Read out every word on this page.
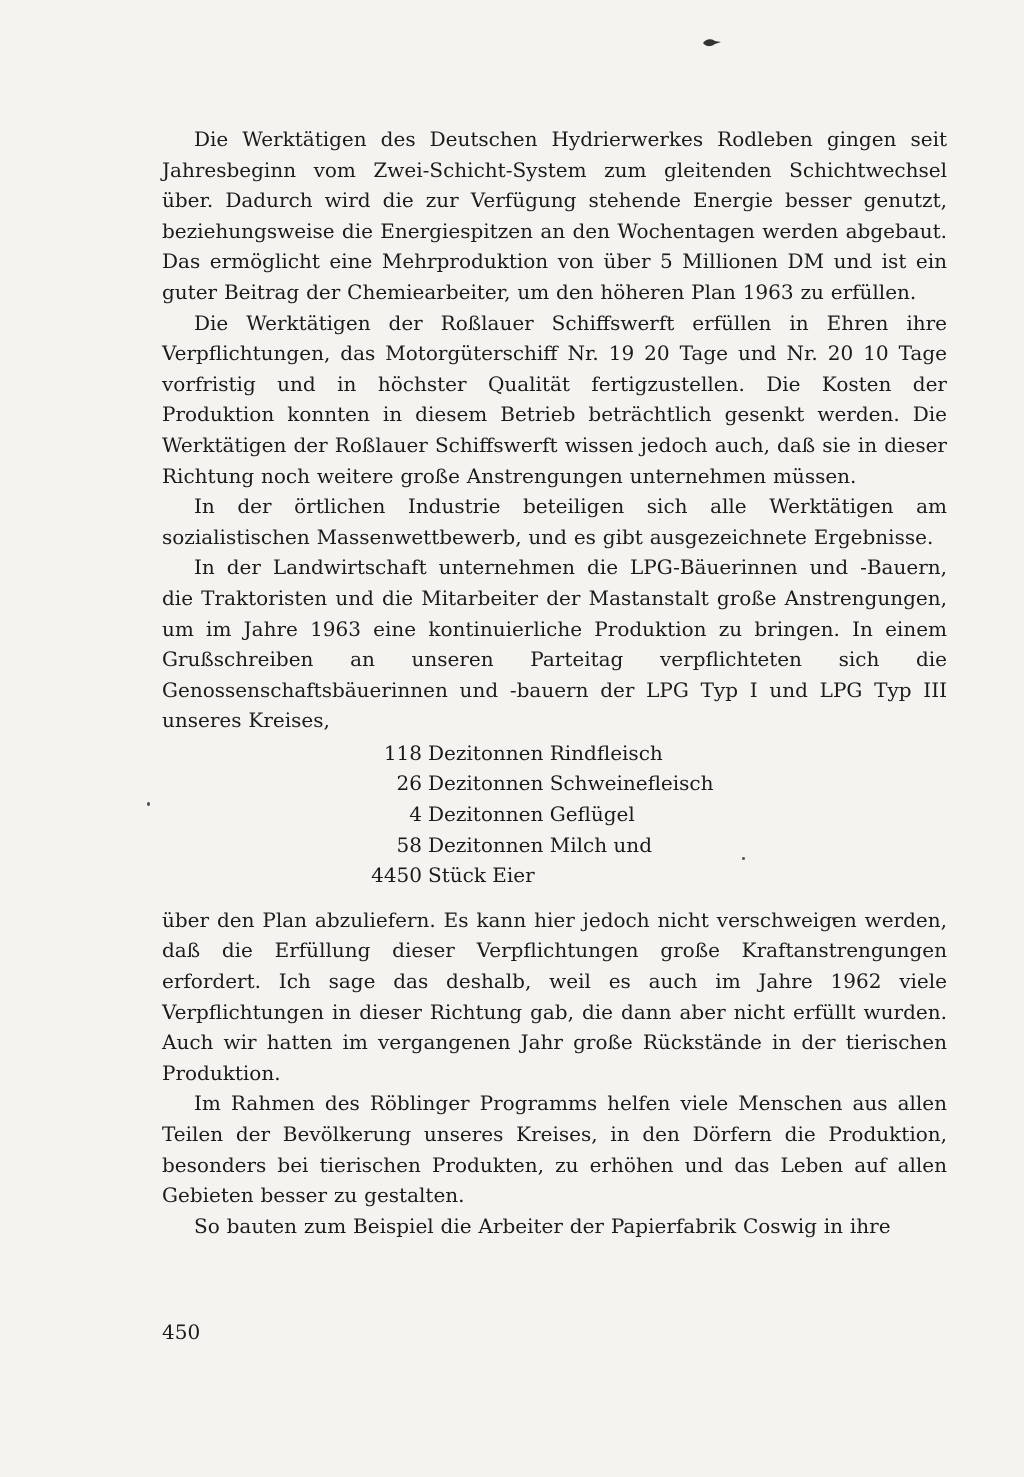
Die Werktätigen des Deutschen Hydrierwerkes Rodleben gingen seit Jahresbeginn vom Zwei-Schicht-System zum gleitenden Schichtwechsel über. Dadurch wird die zur Verfügung stehende Energie besser genutzt, beziehungsweise die Energiespitzen an den Wochentagen werden abgebaut. Das ermöglicht eine Mehrproduktion von über 5 Millionen DM und ist ein guter Beitrag der Chemiearbeiter, um den höheren Plan 1963 zu erfüllen.

Die Werktätigen der Roßlauer Schiffswerft erfüllen in Ehren ihre Verpflichtungen, das Motorgüterschiff Nr. 19 20 Tage und Nr. 20 10 Tage vorfristig und in höchster Qualität fertigzustellen. Die Kosten der Produktion konnten in diesem Betrieb beträchtlich gesenkt werden. Die Werktätigen der Roßlauer Schiffswerft wissen jedoch auch, daß sie in dieser Richtung noch weitere große Anstrengungen unternehmen müssen.

In der örtlichen Industrie beteiligen sich alle Werktätigen am sozialistischen Massenwettbewerb, und es gibt ausgezeichnete Ergebnisse.

In der Landwirtschaft unternehmen die LPG-Bäuerinnen und -Bauern, die Traktoristen und die Mitarbeiter der Mastanstalt große Anstrengungen, um im Jahre 1963 eine kontinuierliche Produktion zu bringen. In einem Grußschreiben an unseren Parteitag verpflichteten sich die Genossenschaftsbäuerinnen und -bauern der LPG Typ I und LPG Typ III unseres Kreises,

118 Dezitonnen Rindfleisch
26 Dezitonnen Schweinefleisch
4 Dezitonnen Geflügel
58 Dezitonnen Milch und
4450 Stück Eier

über den Plan abzuliefern. Es kann hier jedoch nicht verschweigen werden, daß die Erfüllung dieser Verpflichtungen große Kraftanstrengungen erfordert. Ich sage das deshalb, weil es auch im Jahre 1962 viele Verpflichtungen in dieser Richtung gab, die dann aber nicht erfüllt wurden. Auch wir hatten im vergangenen Jahr große Rückstände in der tierischen Produktion.

Im Rahmen des Röblinger Programms helfen viele Menschen aus allen Teilen der Bevölkerung unseres Kreises, in den Dörfern die Produktion, besonders bei tierischen Produkten, zu erhöhen und das Leben auf allen Gebieten besser zu gestalten.

So bauten zum Beispiel die Arbeiter der Papierfabrik Coswig in ihre

450
